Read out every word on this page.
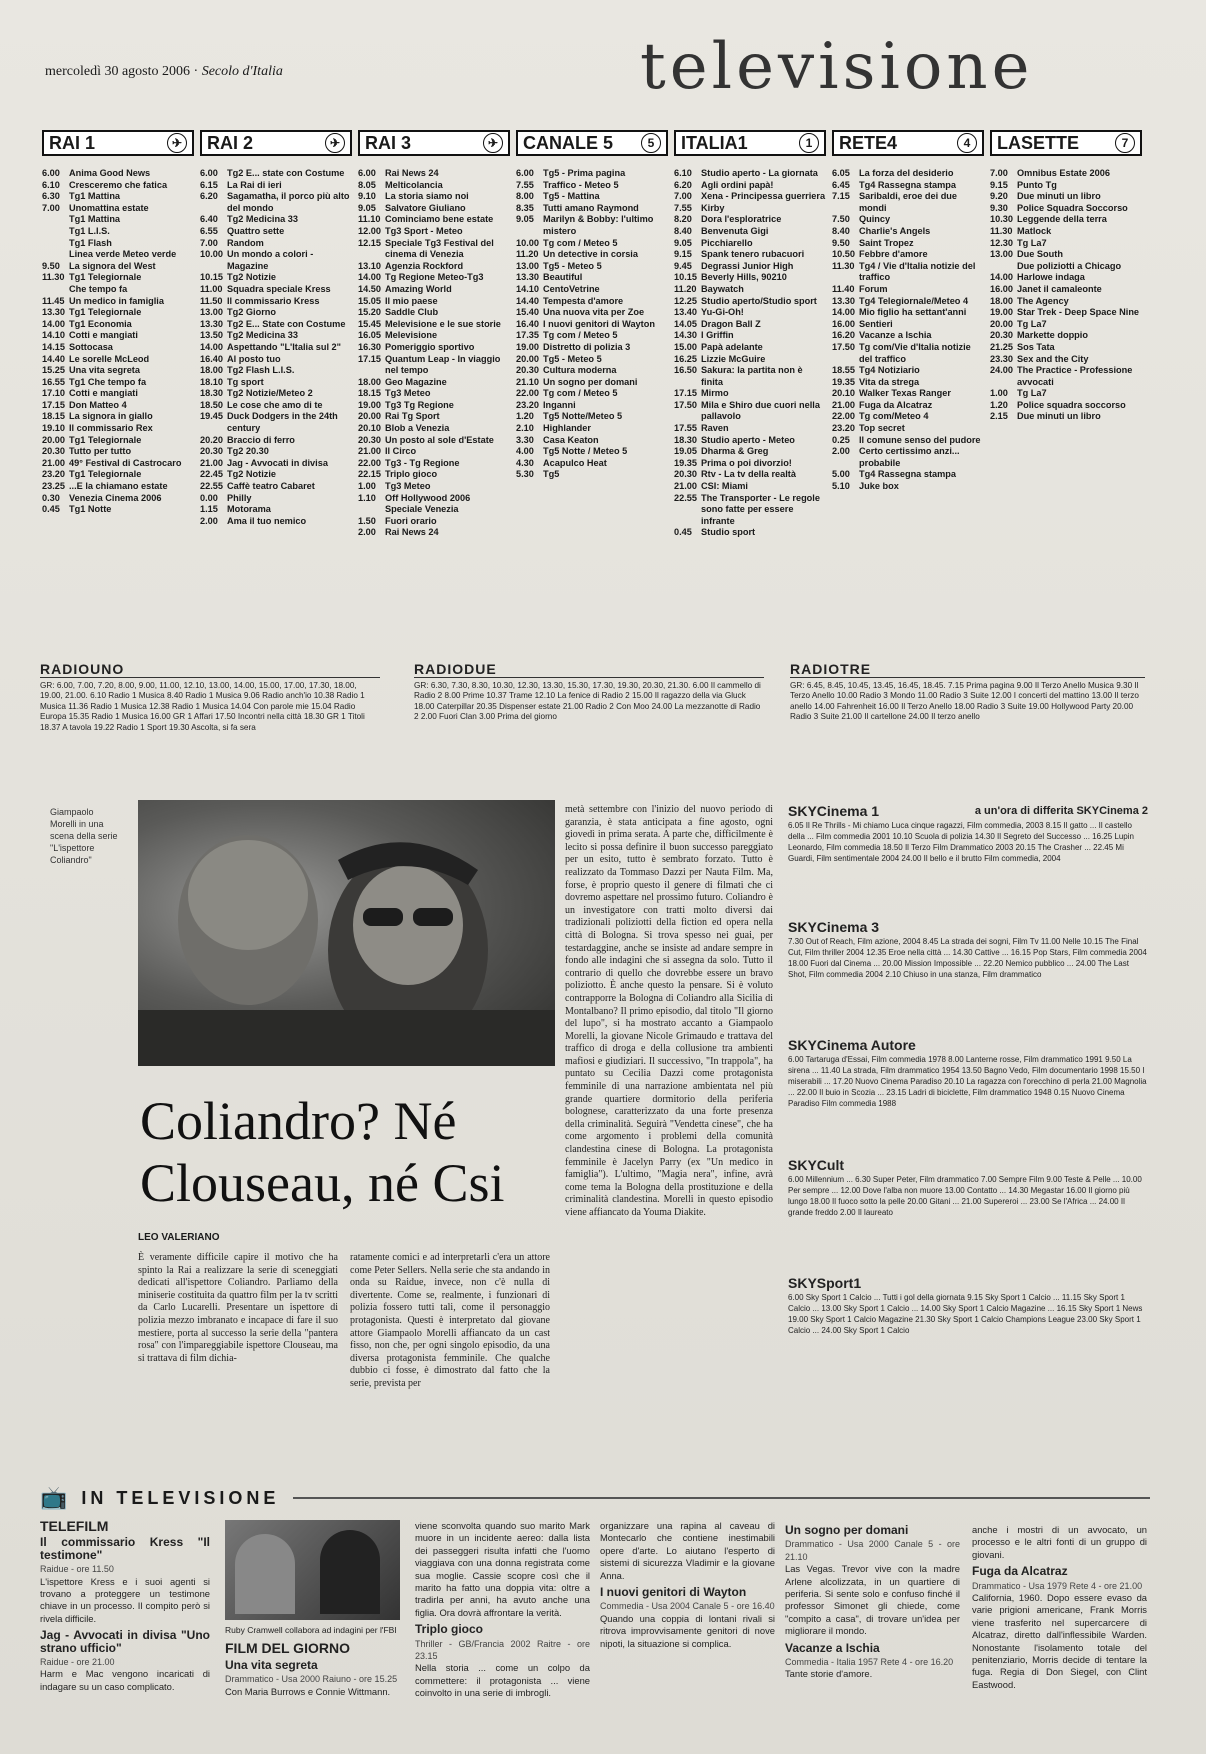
mercoledì 30 agosto 2006 · Secolo d'Italia	televisione
RAI 1	✈
6.00 Anima Good News
6.10 Cresceremo che fatica
6.30 Tg1 Mattina
7.00 Unomattina estate
Tg1 Mattina
Tg1 L.I.S.
Tg1 Flash
Linea verde Meteo verde
9.50 La signora del West
11.30 Tg1 Telegiornale
Che tempo fa
11.45 Un medico in famiglia
13.30 Tg1 Telegiornale
14.00 Tg1 Economia
14.10 Cotti e mangiati
14.15 Sottocasa
14.40 Le sorelle McLeod
15.25 Una vita segreta
16.55 Tg1 Che tempo fa
17.10 Cotti e mangiati
17.15 Don Matteo 4
18.15 La signora in giallo
19.10 Il commissario Rex
20.00 Tg1 Telegiornale
20.30 Tutto per tutto
21.00 49° Festival di Castrocaro
23.20 Tg1 Telegiornale
23.25 ...E la chiamano estate
0.30 Venezia Cinema 2006
0.45 Tg1 Notte
RAI 2	✈
6.00 Tg2 E... state con Costume
6.15 La Rai di ieri
6.20 Sagamatha, il porco più alto del mondo
6.40 Tg2 Medicina 33
6.55 Quattro sette
7.00 Random
10.00 Un mondo a colori - Magazine
10.15 Tg2 Notizie
11.00 Squadra speciale Kress
11.50 Il commissario Kress
13.00 Tg2 Giorno
13.30 Tg2 E... State con Costume
13.50 Tg2 Medicina 33
14.00 Aspettando "L'Italia sul 2"
16.40 Al posto tuo
18.00 Tg2 Flash L.I.S.
18.10 Tg sport
18.30 Tg2 Notizie/Meteo 2
18.50 Le cose che amo di te
19.45 Duck Dodgers in the 24th century
20.20 Braccio di ferro
20.30 Tg2 20.30
21.00 Jag - Avvocati in divisa
22.45 Tg2 Notizie
22.55 Caffè teatro Cabaret
0.00 Philly
1.15 Motorama
2.00 Ama il tuo nemico
RAI 3	✈
6.00 Rai News 24
8.05 Melticolancia
9.10 La storia siamo noi
9.05 Salvatore Giuliano
11.10 Cominciamo bene estate
12.00 Tg3 Sport - Meteo
12.15 Speciale Tg3 Festival del cinema di Venezia
13.10 Agenzia Rockford
14.00 Tg Regione Meteo-Tg3
14.50 Amazing World
15.05 Il mio paese
15.20 Saddle Club
15.45 Melevisione e le sue storie
16.05 Melevisione
16.30 Pomeriggio sportivo
17.15 Quantum Leap - In viaggio nel tempo
18.00 Geo Magazine
18.15 Tg3 Meteo
19.00 Tg3 Tg Regione
20.00 Rai Tg Sport
20.10 Blob a Venezia
20.30 Un posto al sole d'Estate
21.00 Il Circo
22.00 Tg3 - Tg Regione
22.15 Triplo gioco
1.00 Tg3 Meteo
1.10 Off Hollywood 2006 Speciale Venezia
1.50 Fuori orario
2.00 Rai News 24
CANALE 5	5
6.00 Tg5 - Prima pagina
7.55 Traffico - Meteo 5
8.00 Tg5 - Mattina
8.35 Tutti amano Raymond
9.05 Marilyn & Bobby: l'ultimo mistero
10.00 Tg com / Meteo 5
11.20 Un detective in corsia
13.00 Tg5 - Meteo 5
13.30 Beautiful
14.10 CentoVetrine
14.40 Tempesta d'amore
15.40 Una nuova vita per Zoe
16.40 I nuovi genitori di Wayton
17.35 Tg com / Meteo 5
19.00 Distretto di polizia 3
20.00 Tg5 - Meteo 5
20.30 Cultura moderna
21.10 Un sogno per domani
22.00 Tg com / Meteo 5
23.20 Inganni
1.20 Tg5 Notte/Meteo 5
2.10 Highlander
3.30 Casa Keaton
4.00 Tg5 Notte / Meteo 5
4.30 Acapulco Heat
5.30 Tg5
ITALIA1	1
6.10 Studio aperto - La giornata
6.20 Agli ordini papà!
7.00 Xena - Principessa guerriera
7.55 Kirby
8.20 Dora l'esploratrice
8.40 Benvenuta Gigi
9.05 Picchiarello
9.15 Spank tenero rubacuori
9.45 Degrassi Junior High
10.15 Beverly Hills, 90210
11.20 Baywatch
12.25 Studio aperto/Studio sport
13.40 Yu-Gi-Oh!
14.05 Dragon Ball Z
14.30 I Griffin
15.00 Papà adelante
16.25 Lizzie McGuire
16.50 Sakura: la partita non è finita
17.15 Mirmo
17.50 Mila e Shiro due cuori nella pallavolo
17.55 Raven
18.30 Studio aperto - Meteo
19.05 Dharma & Greg
19.35 Prima o poi divorzio!
20.30 Rtv - La tv della realtà
21.00 CSI: Miami
22.55 The Transporter - Le regole sono fatte per essere infrante
0.45 Studio sport
RETE4	4
6.05 La forza del desiderio
6.45 Tg4 Rassegna stampa
7.15 Saribaldi, eroe dei due mondi
7.50 Quincy
8.40 Charlie's Angels
9.50 Saint Tropez
10.50 Febbre d'amore
11.30 Tg4 / Vie d'Italia notizie del traffico
11.40 Forum
13.30 Tg4 Telegiornale/Meteo 4
14.00 Mio figlio ha settant'anni
16.00 Sentieri
16.20 Vacanze a Ischia
17.50 Tg com/Vie d'Italia notizie del traffico
18.55 Tg4 Notiziario
19.35 Vita da strega
20.10 Walker Texas Ranger
21.00 Fuga da Alcatraz
22.00 Tg com/Meteo 4
23.20 Top secret
0.25 Il comune senso del pudore
2.00 Certo certissimo anzi... probabile
5.00 Tg4 Rassegna stampa
5.10 Juke box
LASETTE	7
7.00 Omnibus Estate 2006
9.15 Punto Tg
9.20 Due minuti un libro
9.30 Police Squadra Soccorso
10.30 Leggende della terra
11.30 Matlock
12.30 Tg La7
13.00 Due South
Due poliziotti a Chicago
14.00 Harlowe indaga
16.00 Janet il camaleonte
18.00 The Agency
19.00 Star Trek - Deep Space Nine
20.00 Tg La7
20.30 Markette doppio
21.25 Sos Tata
23.30 Sex and the City
24.00 The Practice - Professione avvocati
1.00 Tg La7
1.20 Police squadra soccorso
2.15 Due minuti un libro
RADIOUNO
GR: 6.00, 7.00, 7.20, 8.00, 9.00, 11.00, 12.10, 13.00, 14.00, 15.00, 17.00, 17.30, 18.00, 19.00, 21.00. 6.10 Radio 1 Musica 8.40 Radio 1 Musica 9.06 Radio anch'io 10.38 Radio 1 Musica 11.36 Radio 1 Musica 12.38 Radio 1 Musica 14.04 Con parole mie 15.04 Radio Europa 15.35 Radio 1 Musica 16.00 GR 1 Affari 17.50 Incontri nella città 18.30 GR 1 Titoli 18.37 A tavola 19.22 Radio 1 Sport 19.30 Ascolta, si fa sera
RADIODUE
GR: 6.30, 7.30, 8.30, 10.30, 12.30, 13.30, 15.30, 17.30, 19.30, 20.30, 21.30. 6.00 Il cammello di Radio 2 8.00 Prime 10.37 Trame 12.10 La fenice di Radio 2 15.00 Il ragazzo della via Gluck 18.00 Caterpillar 20.35 Dispenser estate 21.00 Radio 2 Con Moo 24.00 La mezzanotte di Radio 2 2.00 Fuori Clan 3.00 Prima del giorno
RADIOTRE
GR: 6.45, 8.45, 10.45, 13.45, 16.45, 18.45. 7.15 Prima pagina 9.00 Il Terzo Anello Musica 9.30 Il Terzo Anello 10.00 Radio 3 Mondo 11.00 Radio 3 Suite 12.00 I concerti del mattino 13.00 Il terzo anello 14.00 Fahrenheit 16.00 Il Terzo Anello 18.00 Radio 3 Suite 19.00 Hollywood Party 20.00 Radio 3 Suite 21.00 Il cartellone 24.00 Il terzo anello
Giampaolo Morelli in una scena della serie "L'ispettore Coliandro"
Coliandro? Né
Clouseau, né Csi
LEO VALERIANO
È veramente difficile capire il motivo che ha spinto la Rai a realizzare la serie di sceneggiati dedicati all'ispettore Coliandro. Parliamo della miniserie costituita da quattro film per la tv scritti da Carlo Lucarelli. Presentare un ispettore di polizia mezzo imbranato e incapace di fare il suo mestiere, porta al successo la serie della "pantera rosa" con l'impareggiabile ispettore Clouseau, ma si trattava di film dichia-
ratamente comici e ad interpretarli c'era un attore come Peter Sellers. Nella serie che sta andando in onda su Raidue, invece, non c'è nulla di divertente. Come se, realmente, i funzionari di polizia fossero tutti tali, come il personaggio protagonista. Questi è interpretato dal giovane attore Giampaolo Morelli affiancato da un cast fisso, non che, per ogni singolo episodio, da una diversa protagonista femminile. Che qualche dubbio ci fosse, è dimostrato dal fatto che la serie, prevista per
metà settembre con l'inizio del nuovo periodo di garanzia, è stata anticipata a fine agosto, ogni giovedì in prima serata. A parte che, difficilmente è lecito si possa definire il buon successo pareggiato per un esito, tutto è sembrato forzato. Tutto è realizzato da Tommaso Dazzi per Nauta Film. Ma, forse, è proprio questo il genere di filmati che ci dovremo aspettare nel prossimo futuro. Coliandro è un investigatore con tratti molto diversi dai tradizionali poliziotti della fiction ed opera nella città di Bologna. Si trova spesso nei guai, per testardaggine, anche se insiste ad andare sempre in fondo alle indagini che si assegna da solo. Tutto il contrario di quello che dovrebbe essere un bravo poliziotto. È anche questo la pensare. Si è voluto contrapporre la Bologna di Coliandro alla Sicilia di Montalbano? Il primo episodio, dal titolo "Il giorno del lupo", si ha mostrato accanto a Giampaolo Morelli, la giovane Nicole Grimaudo e trattava del traffico di droga e della collusione tra ambienti mafiosi e giudiziari. Il successivo, "In trappola", ha puntato su Cecilia Dazzi come protagonista femminile di una narrazione ambientata nel più grande quartiere dormitorio della periferia bolognese, caratterizzato da una forte presenza della criminalità. Seguirà "Vendetta cinese", che ha come argomento i problemi della comunità clandestina cinese di Bologna. La protagonista femminile è Jacelyn Parry (ex "Un medico in famiglia"). L'ultimo, "Magia nera", infine, avrà come tema la Bologna della prostituzione e della criminalità clandestina. Morelli in questo episodio viene affiancato da Youma Diakite.
SKYCinema 1	a un'ora di differita SKYCinema 2
6.05 Il Re Thrills - Mi chiamo Luca cinque ragazzi, Film commedia, 2003 8.15 Il gatto ... Il castello della ... Film commedia 2001 10.10 Scuola di polizia 14.30 Il Segreto del Successo ... 16.25 Lupin Leonardo, Film commedia 18.50 Il Terzo Film Drammatico 2003 20.15 The Crasher ... 22.45 Mi Guardi, Film sentimentale 2004 24.00 Il bello e il brutto Film commedia, 2004
SKYCinema 3
7.30 Out of Reach, Film azione, 2004 8.45 La strada dei sogni, Film Tv 11.00 Nelle 10.15 The Final Cut, Film thriller 2004 12.35 Eroe nella città ... 14.30 Cattive ... 16.15 Pop Stars, Film commedia 2004 18.00 Fuori dal Cinema ... 20.00 Mission Impossible ... 22.20 Nemico pubblico ... 24.00 The Last Shot, Film commedia 2004 2.10 Chiuso in una stanza, Film drammatico
SKYCinema Autore
6.00 Tartaruga d'Essai, Film commedia 1978 8.00 Lanterne rosse, Film drammatico 1991 9.50 La sirena ... 11.40 La strada, Film drammatico 1954 13.50 Bagno Vedo, Film documentario 1998 15.50 I miserabili ... 17.20 Nuovo Cinema Paradiso 20.10 La ragazza con l'orecchino di perla 21.00 Magnolia ... 22.00 Il buio in Scozia ... 23.15 Ladri di biciclette, Film drammatico 1948 0.15 Nuovo Cinema Paradiso Film commedia 1988
SKYCult
6.00 Millennium ... 6.30 Super Peter, Film drammatico 7.00 Sempre Film 9.00 Teste & Pelle ... 10.00 Per sempre ... 12.00 Dove l'alba non muore 13.00 Contatto ... 14.30 Megastar 16.00 Il giorno più lungo 18.00 Il fuoco sotto la pelle 20.00 Gitani ... 21.00 Supereroi ... 23.00 Se l'Africa ... 24.00 Il grande freddo 2.00 Il laureato
SKYSport1
6.00 Sky Sport 1 Calcio ... Tutti i gol della giornata 9.15 Sky Sport 1 Calcio ... 11.15 Sky Sport 1 Calcio ... 13.00 Sky Sport 1 Calcio ... 14.00 Sky Sport 1 Calcio Magazine ... 16.15 Sky Sport 1 News 19.00 Sky Sport 1 Calcio Magazine 21.30 Sky Sport 1 Calcio Champions League 23.00 Sky Sport 1 Calcio ... 24.00 Sky Sport 1 Calcio
📺 IN TELEVISIONE
TELEFILM
Il commissario Kress "Il testimone"
Raidue - ore 11.50
L'ispettore Kress e i suoi agenti si trovano a proteggere un testimone chiave in un processo. Il compito però si rivela difficile.
Jag - Avvocati in divisa "Uno strano ufficio"
Raidue - ore 21.00
Harm e Mac vengono incaricati di indagare su un caso complicato.
Ruby Cramwell collabora ad indagini per l'FBI
FILM DEL GIORNO
Una vita segreta
Drammatico - Usa 2000 Raiuno - ore 15.25
Con Maria Burrows e Connie Wittmann.
viene sconvolta quando suo marito Mark muore in un incidente aereo: dalla lista dei passeggeri risulta infatti che l'uomo viaggiava con una donna registrata come sua moglie. Cassie scopre così che il marito ha fatto una doppia vita: oltre a tradirla per anni, ha avuto anche una figlia. Ora dovrà affrontare la verità.
Triplo gioco
Thriller - GB/Francia 2002 Raitre - ore 23.15
Nella storia ... come un colpo da commettere: il protagonista ... viene coinvolto in una serie di imbrogli.
organizzare una rapina al caveau di Montecarlo che contiene inestimabili opere d'arte. Lo aiutano l'esperto di sistemi di sicurezza Vladimir e la giovane Anna.
I nuovi genitori di Wayton
Commedia - Usa 2004 Canale 5 - ore 16.40
Quando una coppia di lontani rivali si ritrova improvvisamente genitori di nove nipoti, la situazione si complica.
Un sogno per domani
Drammatico - Usa 2000 Canale 5 - ore 21.10
Las Vegas. Trevor vive con la madre Arlene alcolizzata, in un quartiere di periferia. Si sente solo e confuso finché il professor Simonet gli chiede, come "compito a casa", di trovare un'idea per migliorare il mondo.
Vacanze a Ischia
Commedia - Italia 1957 Rete 4 - ore 16.20
Tante storie d'amore.
anche i mostri di un avvocato, un processo e le altri fonti di un gruppo di giovani.
Fuga da Alcatraz
Drammatico - Usa 1979 Rete 4 - ore 21.00
California, 1960. Dopo essere evaso da varie prigioni americane, Frank Morris viene trasferito nel supercarcere di Alcatraz, diretto dall'inflessibile Warden. Nonostante l'isolamento totale del penitenziario, Morris decide di tentare la fuga. Regia di Don Siegel, con Clint Eastwood.
